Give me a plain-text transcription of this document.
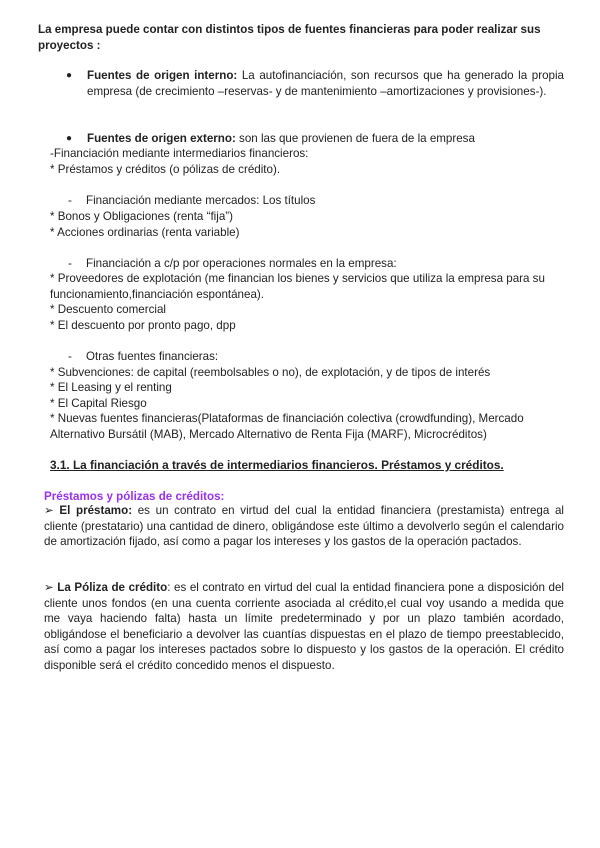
La empresa puede contar con distintos tipos de fuentes financieras para poder realizar sus proyectos :
● Fuentes de origen interno: La autofinanciación, son recursos que ha generado la propia empresa (de crecimiento –reservas- y de mantenimiento –amortizaciones y provisiones-).
● Fuentes de origen externo: son las que provienen de fuera de la empresa
-Financiación mediante intermediarios financieros:
* Préstamos y créditos (o pólizas de crédito).
- Financiación mediante mercados: Los títulos
* Bonos y Obligaciones (renta “fija”)
* Acciones ordinarias (renta variable)
- Financiación a c/p por operaciones normales en la empresa:
* Proveedores de explotación (me financian los bienes y servicios que utiliza la empresa para su funcionamiento,financiación espontánea).
* Descuento comercial
* El descuento por pronto pago, dpp
- Otras fuentes financieras:
* Subvenciones: de capital (reembolsables o no), de explotación, y de tipos de interés
* El Leasing y el renting
* El Capital Riesgo
* Nuevas fuentes financieras(Plataformas de financiación colectiva (crowdfunding), Mercado Alternativo Bursátil (MAB), Mercado Alternativo de Renta Fija (MARF), Microcréditos)
3.1. La financiación a través de intermediarios financieros. Préstamos y créditos.
Préstamos y pólizas de créditos:
➢ El préstamo: es un contrato en virtud del cual la entidad financiera (prestamista) entrega al cliente (prestatario) una cantidad de dinero, obligándose este último a devolverlo según el calendario de amortización fijado, así como a pagar los intereses y los gastos de la operación pactados.
➢ La Póliza de crédito: es el contrato en virtud del cual la entidad financiera pone a disposición del cliente unos fondos (en una cuenta corriente asociada al crédito,el cual voy usando a medida que me vaya haciendo falta) hasta un límite predeterminado y por un plazo también acordado, obligándose el beneficiario a devolver las cuantías dispuestas en el plazo de tiempo preestablecido, así como a pagar los intereses pactados sobre lo dispuesto y los gastos de la operación. El crédito disponible será el crédito concedido menos el dispuesto.
